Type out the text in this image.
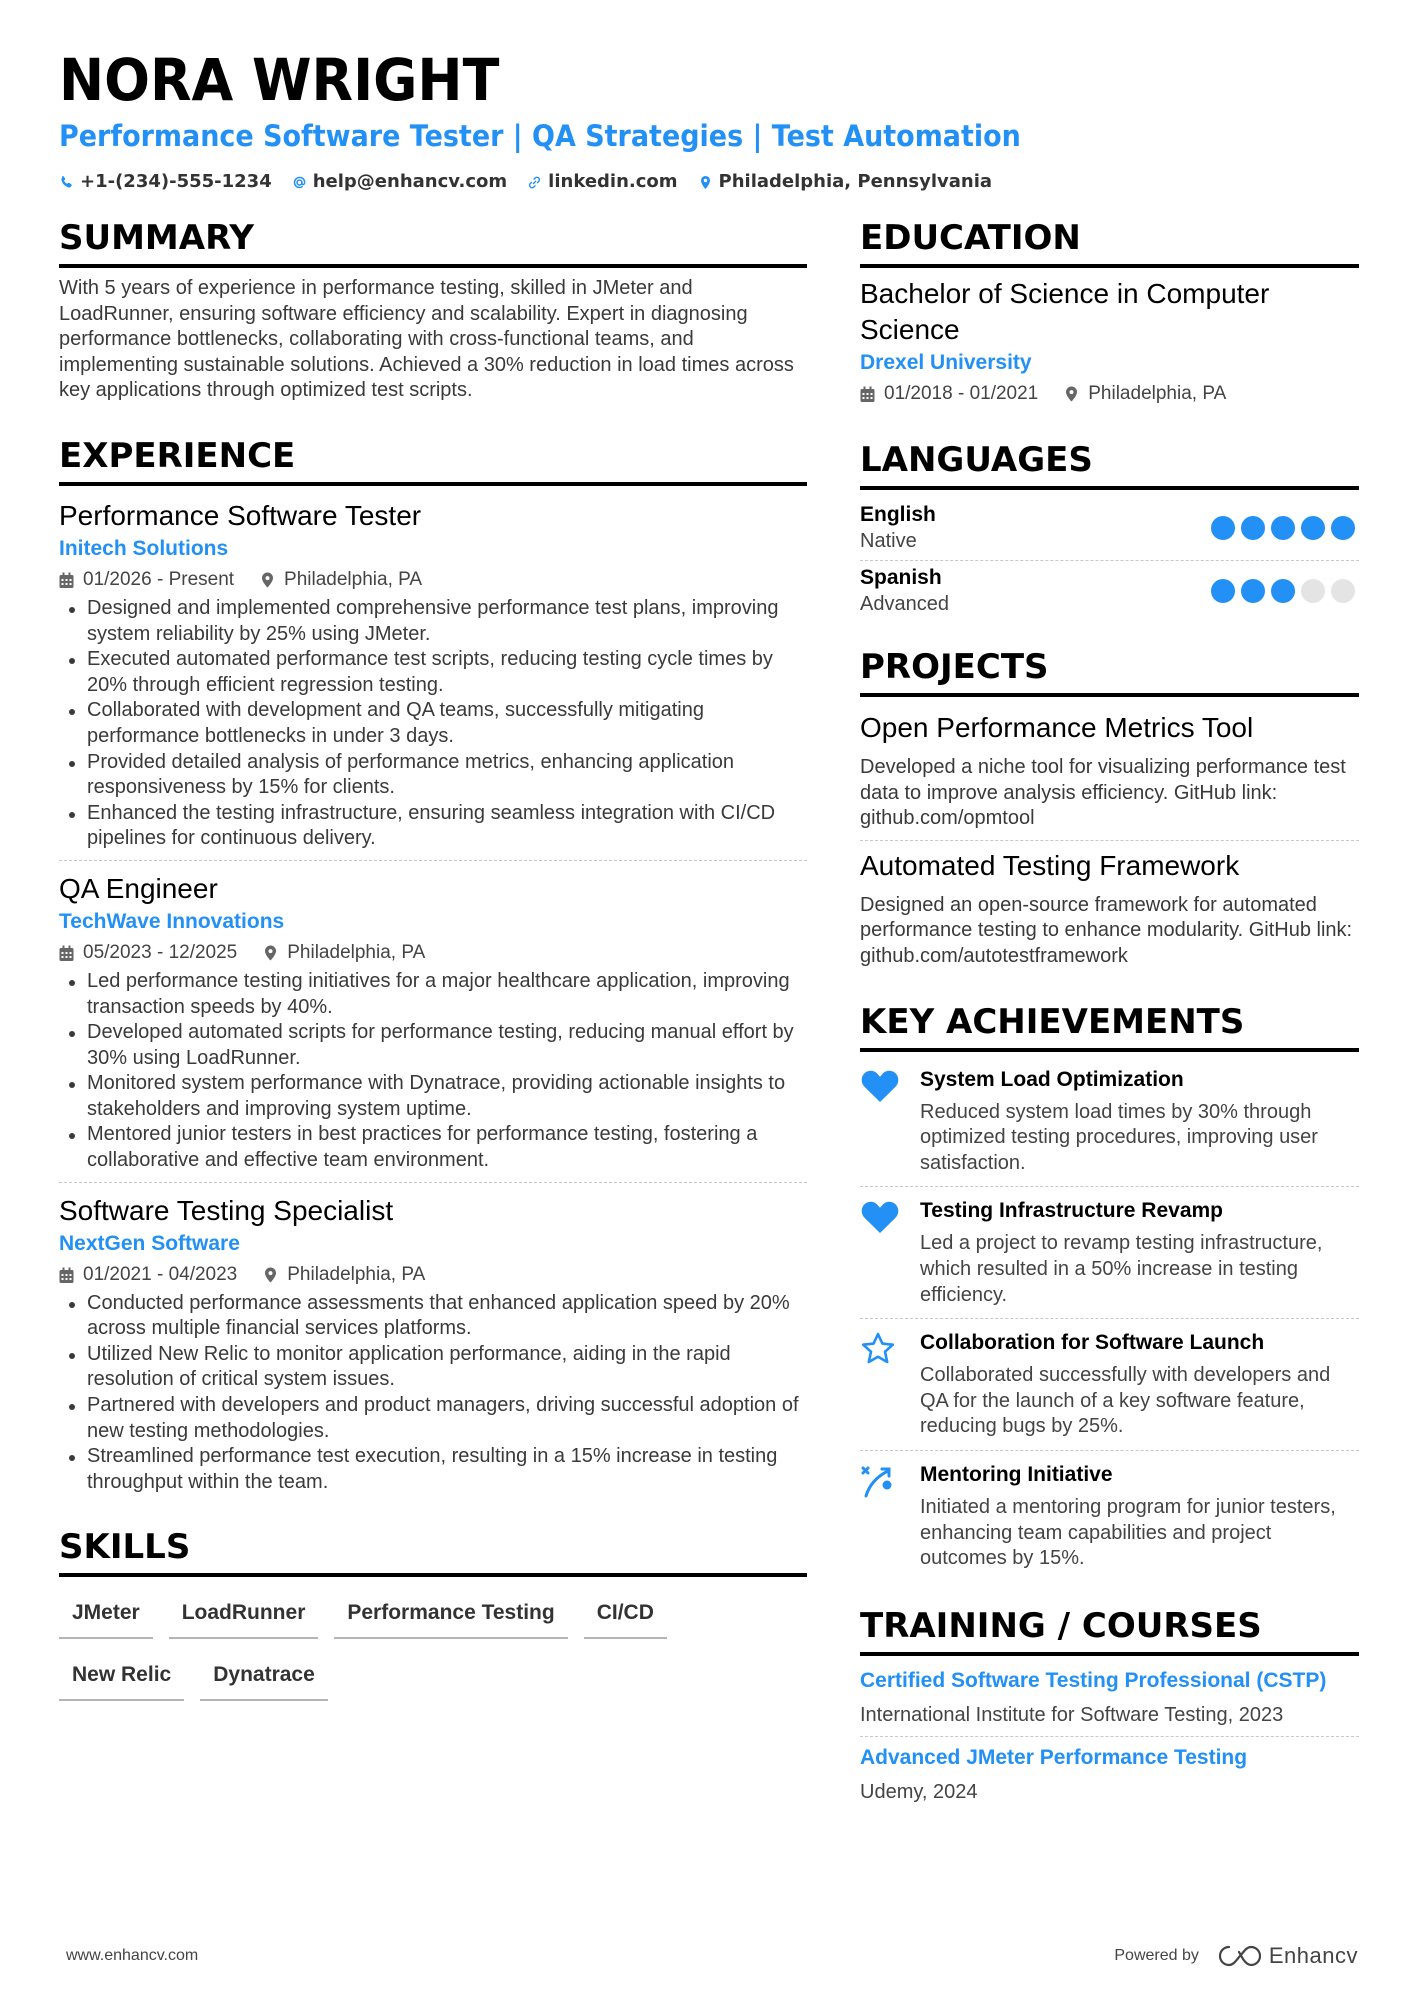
NORA WRIGHT
Performance Software Tester | QA Strategies | Test Automation
+1-(234)-555-1234 help@enhancv.com linkedin.com Philadelphia, Pennsylvania
SUMMARY
With 5 years of experience in performance testing, skilled in JMeter and LoadRunner, ensuring software efficiency and scalability. Expert in diagnosing performance bottlenecks, collaborating with cross-functional teams, and implementing sustainable solutions. Achieved a 30% reduction in load times across key applications through optimized test scripts.
EXPERIENCE
Performance Software Tester
Initech Solutions
01/2026 - Present	Philadelphia, PA
Designed and implemented comprehensive performance test plans, improving system reliability by 25% using JMeter.
Executed automated performance test scripts, reducing testing cycle times by 20% through efficient regression testing.
Collaborated with development and QA teams, successfully mitigating performance bottlenecks in under 3 days.
Provided detailed analysis of performance metrics, enhancing application responsiveness by 15% for clients.
Enhanced the testing infrastructure, ensuring seamless integration with CI/CD pipelines for continuous delivery.
QA Engineer
TechWave Innovations
05/2023 - 12/2025	Philadelphia, PA
Led performance testing initiatives for a major healthcare application, improving transaction speeds by 40%.
Developed automated scripts for performance testing, reducing manual effort by 30% using LoadRunner.
Monitored system performance with Dynatrace, providing actionable insights to stakeholders and improving system uptime.
Mentored junior testers in best practices for performance testing, fostering a collaborative and effective team environment.
Software Testing Specialist
NextGen Software
01/2021 - 04/2023	Philadelphia, PA
Conducted performance assessments that enhanced application speed by 20% across multiple financial services platforms.
Utilized New Relic to monitor application performance, aiding in the rapid resolution of critical system issues.
Partnered with developers and product managers, driving successful adoption of new testing methodologies.
Streamlined performance test execution, resulting in a 15% increase in testing throughput within the team.
SKILLS
JMeter	LoadRunner	Performance Testing	CI/CD
New Relic	Dynatrace
EDUCATION
Bachelor of Science in Computer Science
Drexel University
01/2018 - 01/2021	Philadelphia, PA
LANGUAGES
English
Native
Spanish
Advanced
PROJECTS
Open Performance Metrics Tool
Developed a niche tool for visualizing performance test data to improve analysis efficiency. GitHub link: github.com/opmtool
Automated Testing Framework
Designed an open-source framework for automated performance testing to enhance modularity. GitHub link: github.com/autotestframework
KEY ACHIEVEMENTS
System Load Optimization
Reduced system load times by 30% through optimized testing procedures, improving user satisfaction.
Testing Infrastructure Revamp
Led a project to revamp testing infrastructure, which resulted in a 50% increase in testing efficiency.
Collaboration for Software Launch
Collaborated successfully with developers and QA for the launch of a key software feature, reducing bugs by 25%.
Mentoring Initiative
Initiated a mentoring program for junior testers, enhancing team capabilities and project outcomes by 15%.
TRAINING / COURSES
Certified Software Testing Professional (CSTP)
International Institute for Software Testing, 2023
Advanced JMeter Performance Testing
Udemy, 2024
www.enhancv.com	Powered by	Enhancv
